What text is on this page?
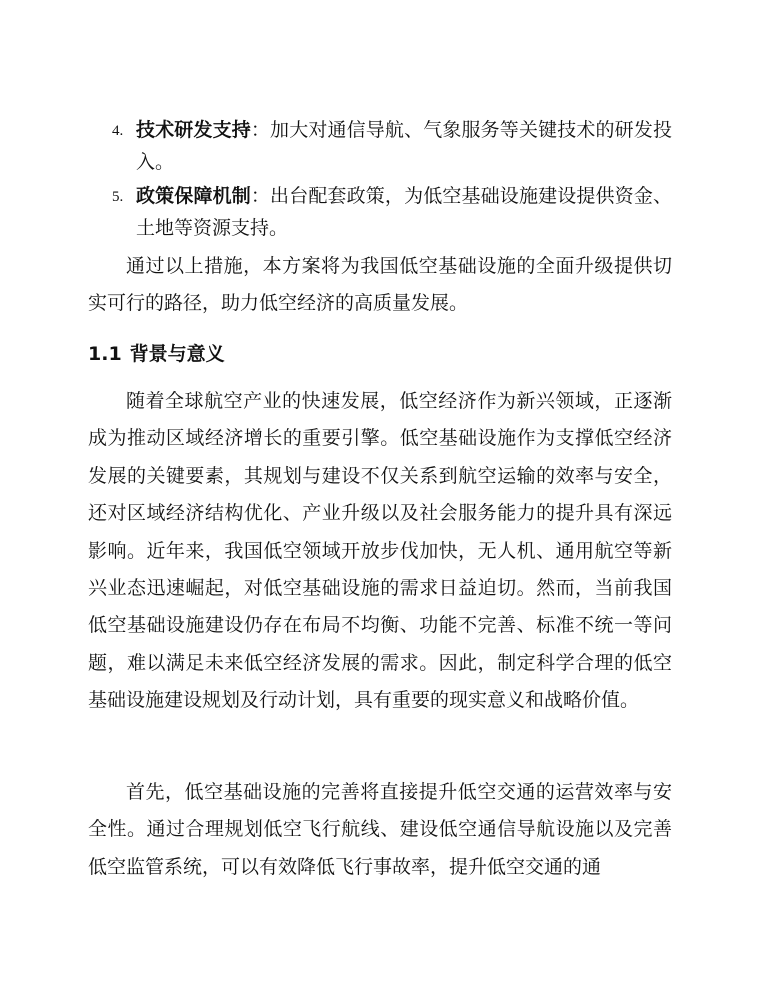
4. 技术研发支持：加大对通信导航、气象服务等关键技术的研发投入。
5. 政策保障机制：出台配套政策，为低空基础设施建设提供资金、土地等资源支持。

通过以上措施，本方案将为我国低空基础设施的全面升级提供切实可行的路径，助力低空经济的高质量发展。

1.1 背景与意义

随着全球航空产业的快速发展，低空经济作为新兴领域，正逐渐成为推动区域经济增长的重要引擎。低空基础设施作为支撑低空经济发展的关键要素，其规划与建设不仅关系到航空运输的效率与安全，还对区域经济结构优化、产业升级以及社会服务能力的提升具有深远影响。近年来，我国低空领域开放步伐加快，无人机、通用航空等新兴业态迅速崛起，对低空基础设施的需求日益迫切。然而，当前我国低空基础设施建设仍存在布局不均衡、功能不完善、标准不统一等问题，难以满足未来低空经济发展的需求。因此，制定科学合理的低空基础设施建设规划及行动计划，具有重要的现实意义和战略价值。

首先，低空基础设施的完善将直接提升低空交通的运营效率与安全性。通过合理规划低空飞行航线、建设低空通信导航设施以及完善低空监管系统，可以有效降低飞行事故率，提升低空交通的通
